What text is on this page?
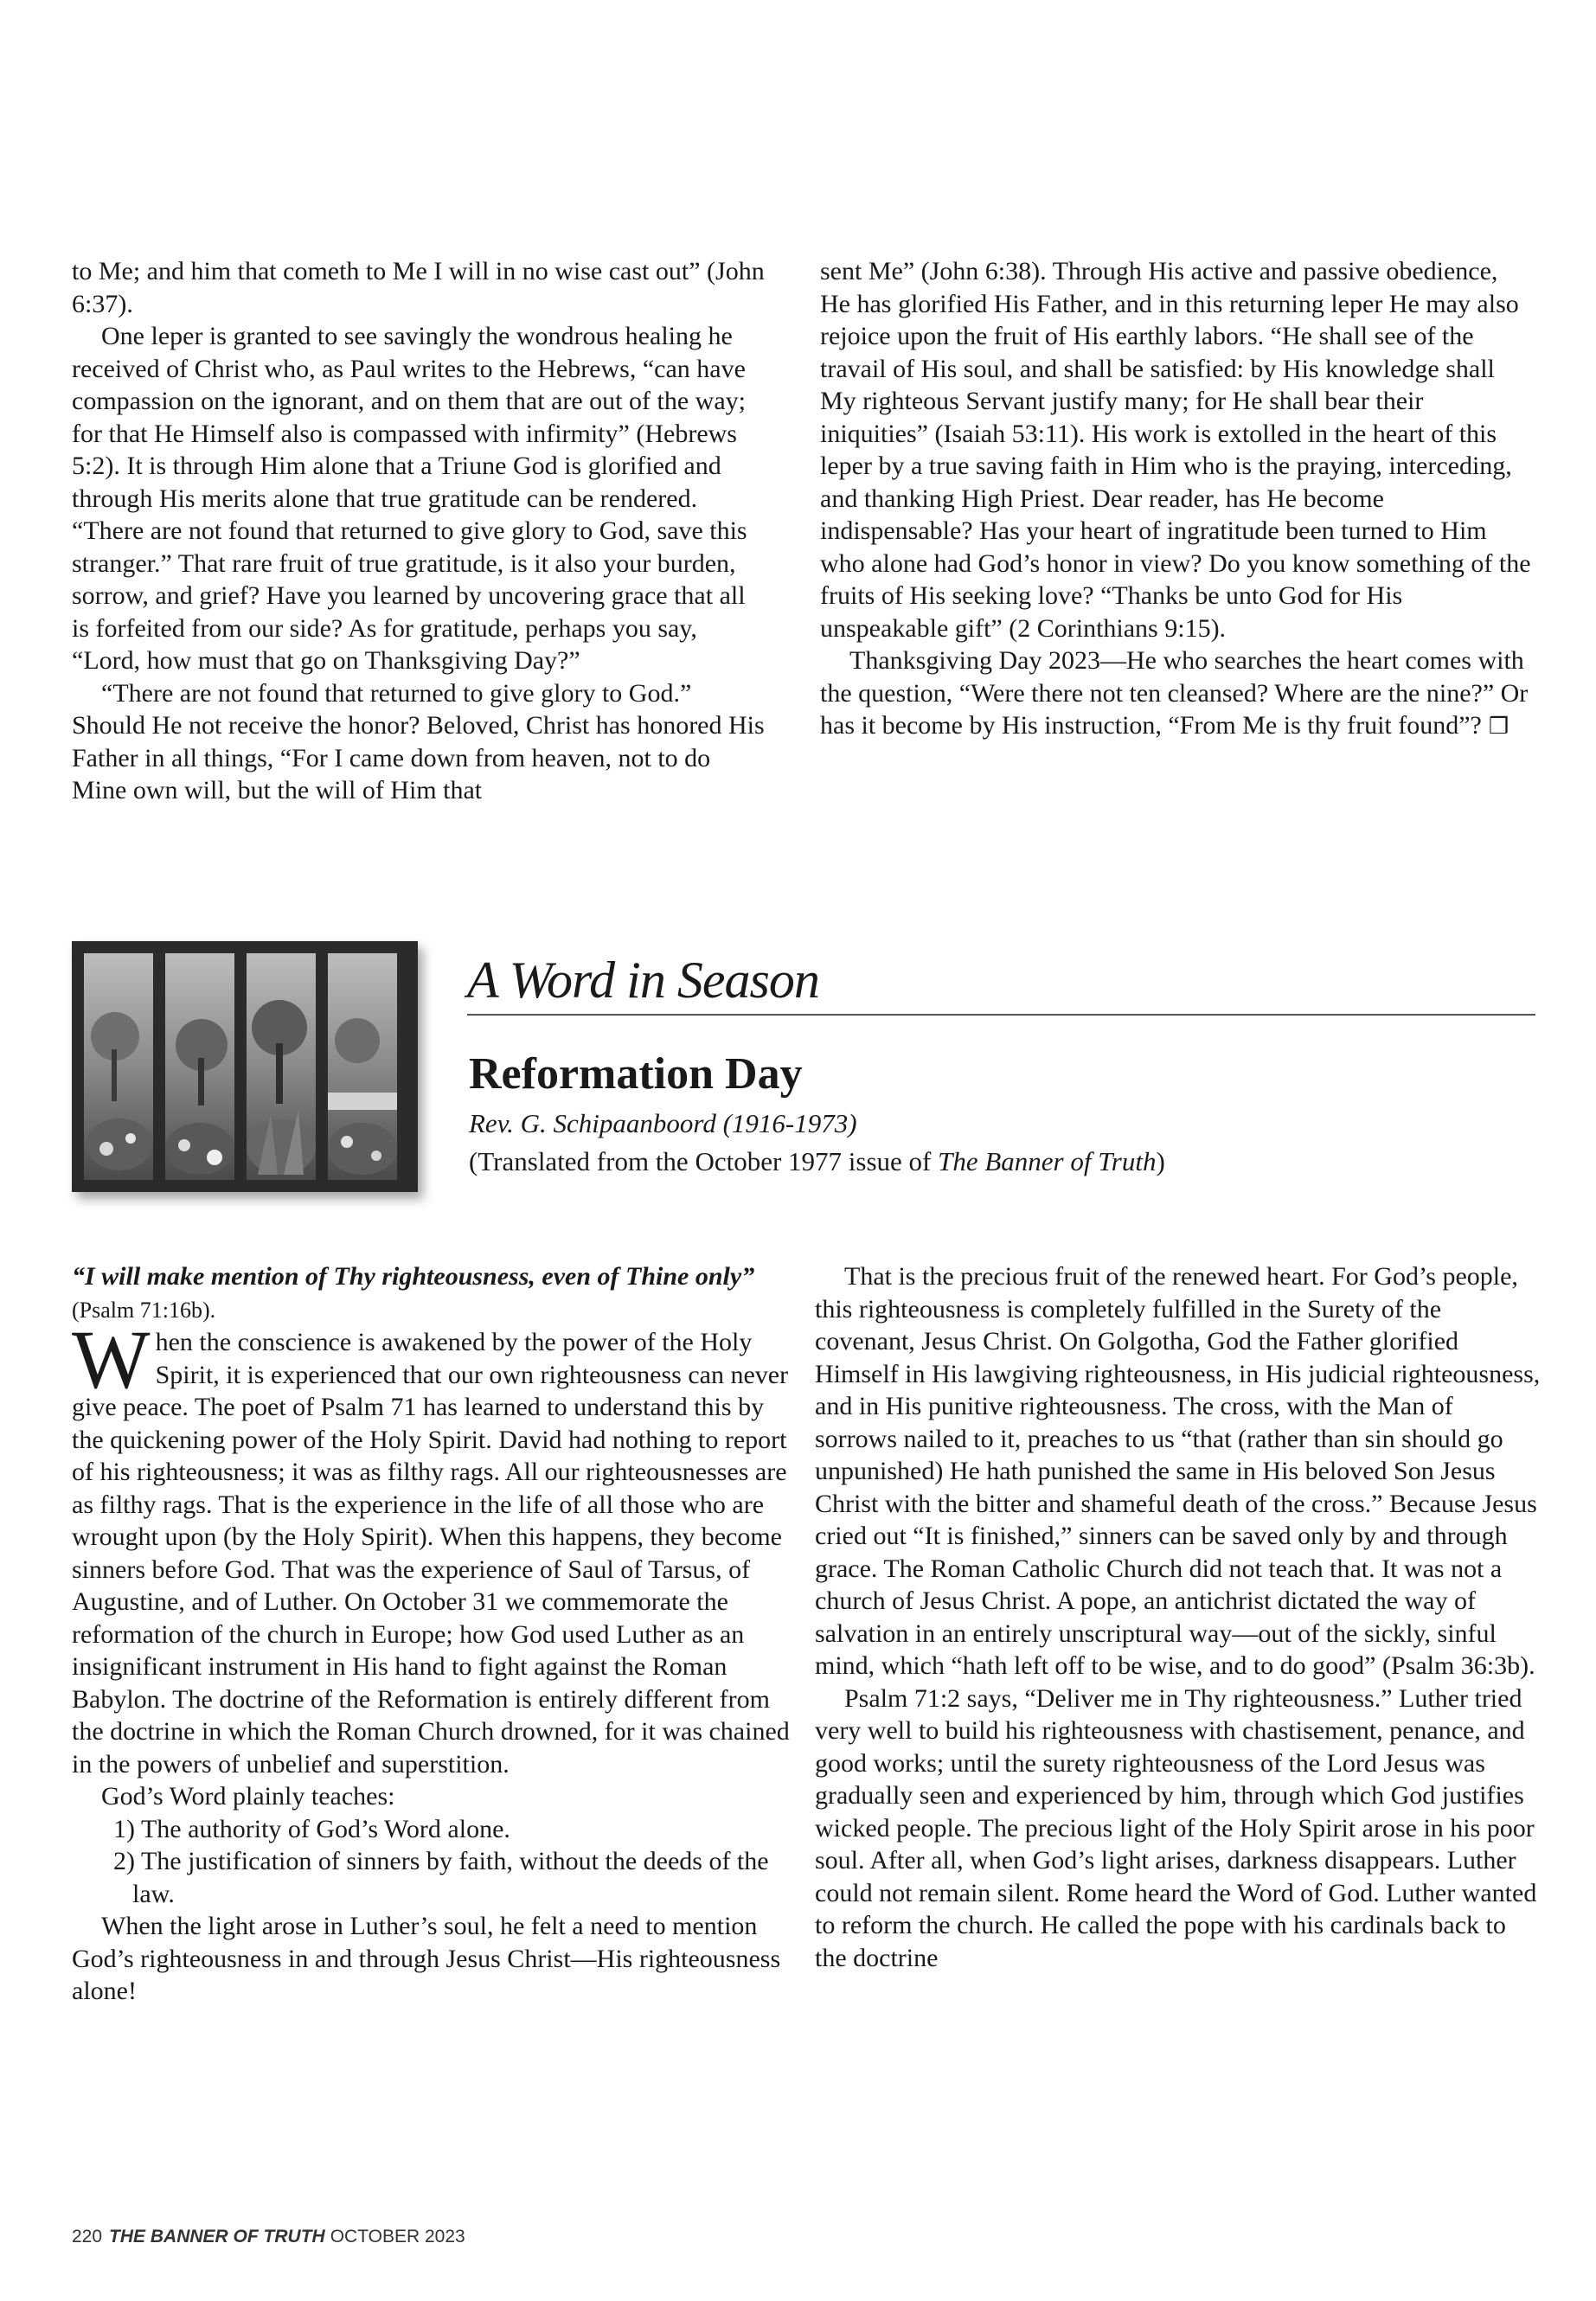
to Me; and him that cometh to Me I will in no wise cast out” (John 6:37).

One leper is granted to see savingly the wondrous healing he received of Christ who, as Paul writes to the Hebrews, “can have compassion on the ignorant, and on them that are out of the way; for that He Himself also is compassed with infirmity” (Hebrews 5:2). It is through Him alone that a Triune God is glorified and through His merits alone that true gratitude can be rendered. “There are not found that returned to give glory to God, save this stranger.” That rare fruit of true gratitude, is it also your burden, sorrow, and grief? Have you learned by uncovering grace that all is forfeited from our side? As for gratitude, perhaps you say, “Lord, how must that go on Thanksgiving Day?”

“There are not found that returned to give glory to God.” Should He not receive the honor? Beloved, Christ has honored His Father in all things, “For I came down from heaven, not to do Mine own will, but the will of Him that

sent Me” (John 6:38). Through His active and passive obedience, He has glorified His Father, and in this returning leper He may also rejoice upon the fruit of His earthly labors. “He shall see of the travail of His soul, and shall be satisfied: by His knowledge shall My righteous Servant justify many; for He shall bear their iniquities” (Isaiah 53:11). His work is extolled in the heart of this leper by a true saving faith in Him who is the praying, interceding, and thanking High Priest. Dear reader, has He become indispensable? Has your heart of ingratitude been turned to Him who alone had God’s honor in view? Do you know something of the fruits of His seeking love? “Thanks be unto God for His unspeakable gift” (2 Corinthians 9:15).

Thanksgiving Day 2023—He who searches the heart comes with the question, “Were there not ten cleansed? Where are the nine?” Or has it become by His instruction, “From Me is thy fruit found”? ❒

A Word in Season
Reformation Day

Rev. G. Schipaanboord (1916-1973)

(Translated from the October 1977 issue of The Banner of Truth)

“I will make mention of Thy righteousness, even of Thine only” (Psalm 71:16b).

When the conscience is awakened by the power of the Holy Spirit, it is experienced that our own righteousness can never give peace. The poet of Psalm 71 has learned to understand this by the quickening power of the Holy Spirit. David had nothing to report of his righteousness; it was as filthy rags. All our righteousnesses are as filthy rags. That is the experience in the life of all those who are wrought upon (by the Holy Spirit). When this happens, they become sinners before God. That was the experience of Saul of Tarsus, of Augustine, and of Luther. On October 31 we commemorate the reformation of the church in Europe; how God used Luther as an insignificant instrument in His hand to fight against the Roman Babylon. The doctrine of the Reformation is entirely different from the doctrine in which the Roman Church drowned, for it was chained in the powers of unbelief and superstition.

God’s Word plainly teaches:

1) The authority of God’s Word alone.

2) The justification of sinners by faith, without the deeds of the law.

When the light arose in Luther’s soul, he felt a need to mention God’s righteousness in and through Jesus Christ—His righteousness alone!

That is the precious fruit of the renewed heart. For God’s people, this righteousness is completely fulfilled in the Surety of the covenant, Jesus Christ. On Golgotha, God the Father glorified Himself in His lawgiving righteousness, in His judicial righteousness, and in His punitive righteousness. The cross, with the Man of sorrows nailed to it, preaches to us “that (rather than sin should go unpunished) He hath punished the same in His beloved Son Jesus Christ with the bitter and shameful death of the cross.” Because Jesus cried out “It is finished,” sinners can be saved only by and through grace. The Roman Catholic Church did not teach that. It was not a church of Jesus Christ. A pope, an antichrist dictated the way of salvation in an entirely unscriptural way—out of the sickly, sinful mind, which “hath left off to be wise, and to do good” (Psalm 36:3b).

Psalm 71:2 says, “Deliver me in Thy righteousness.” Luther tried very well to build his righteousness with chastisement, penance, and good works; until the surety righteousness of the Lord Jesus was gradually seen and experienced by him, through which God justifies wicked people. The precious light of the Holy Spirit arose in his poor soul. After all, when God’s light arises, darkness disappears. Luther could not remain silent. Rome heard the Word of God. Luther wanted to reform the church. He called the pope with his cardinals back to the doctrine

220 THE BANNER OF TRUTH OCTOBER 2023
